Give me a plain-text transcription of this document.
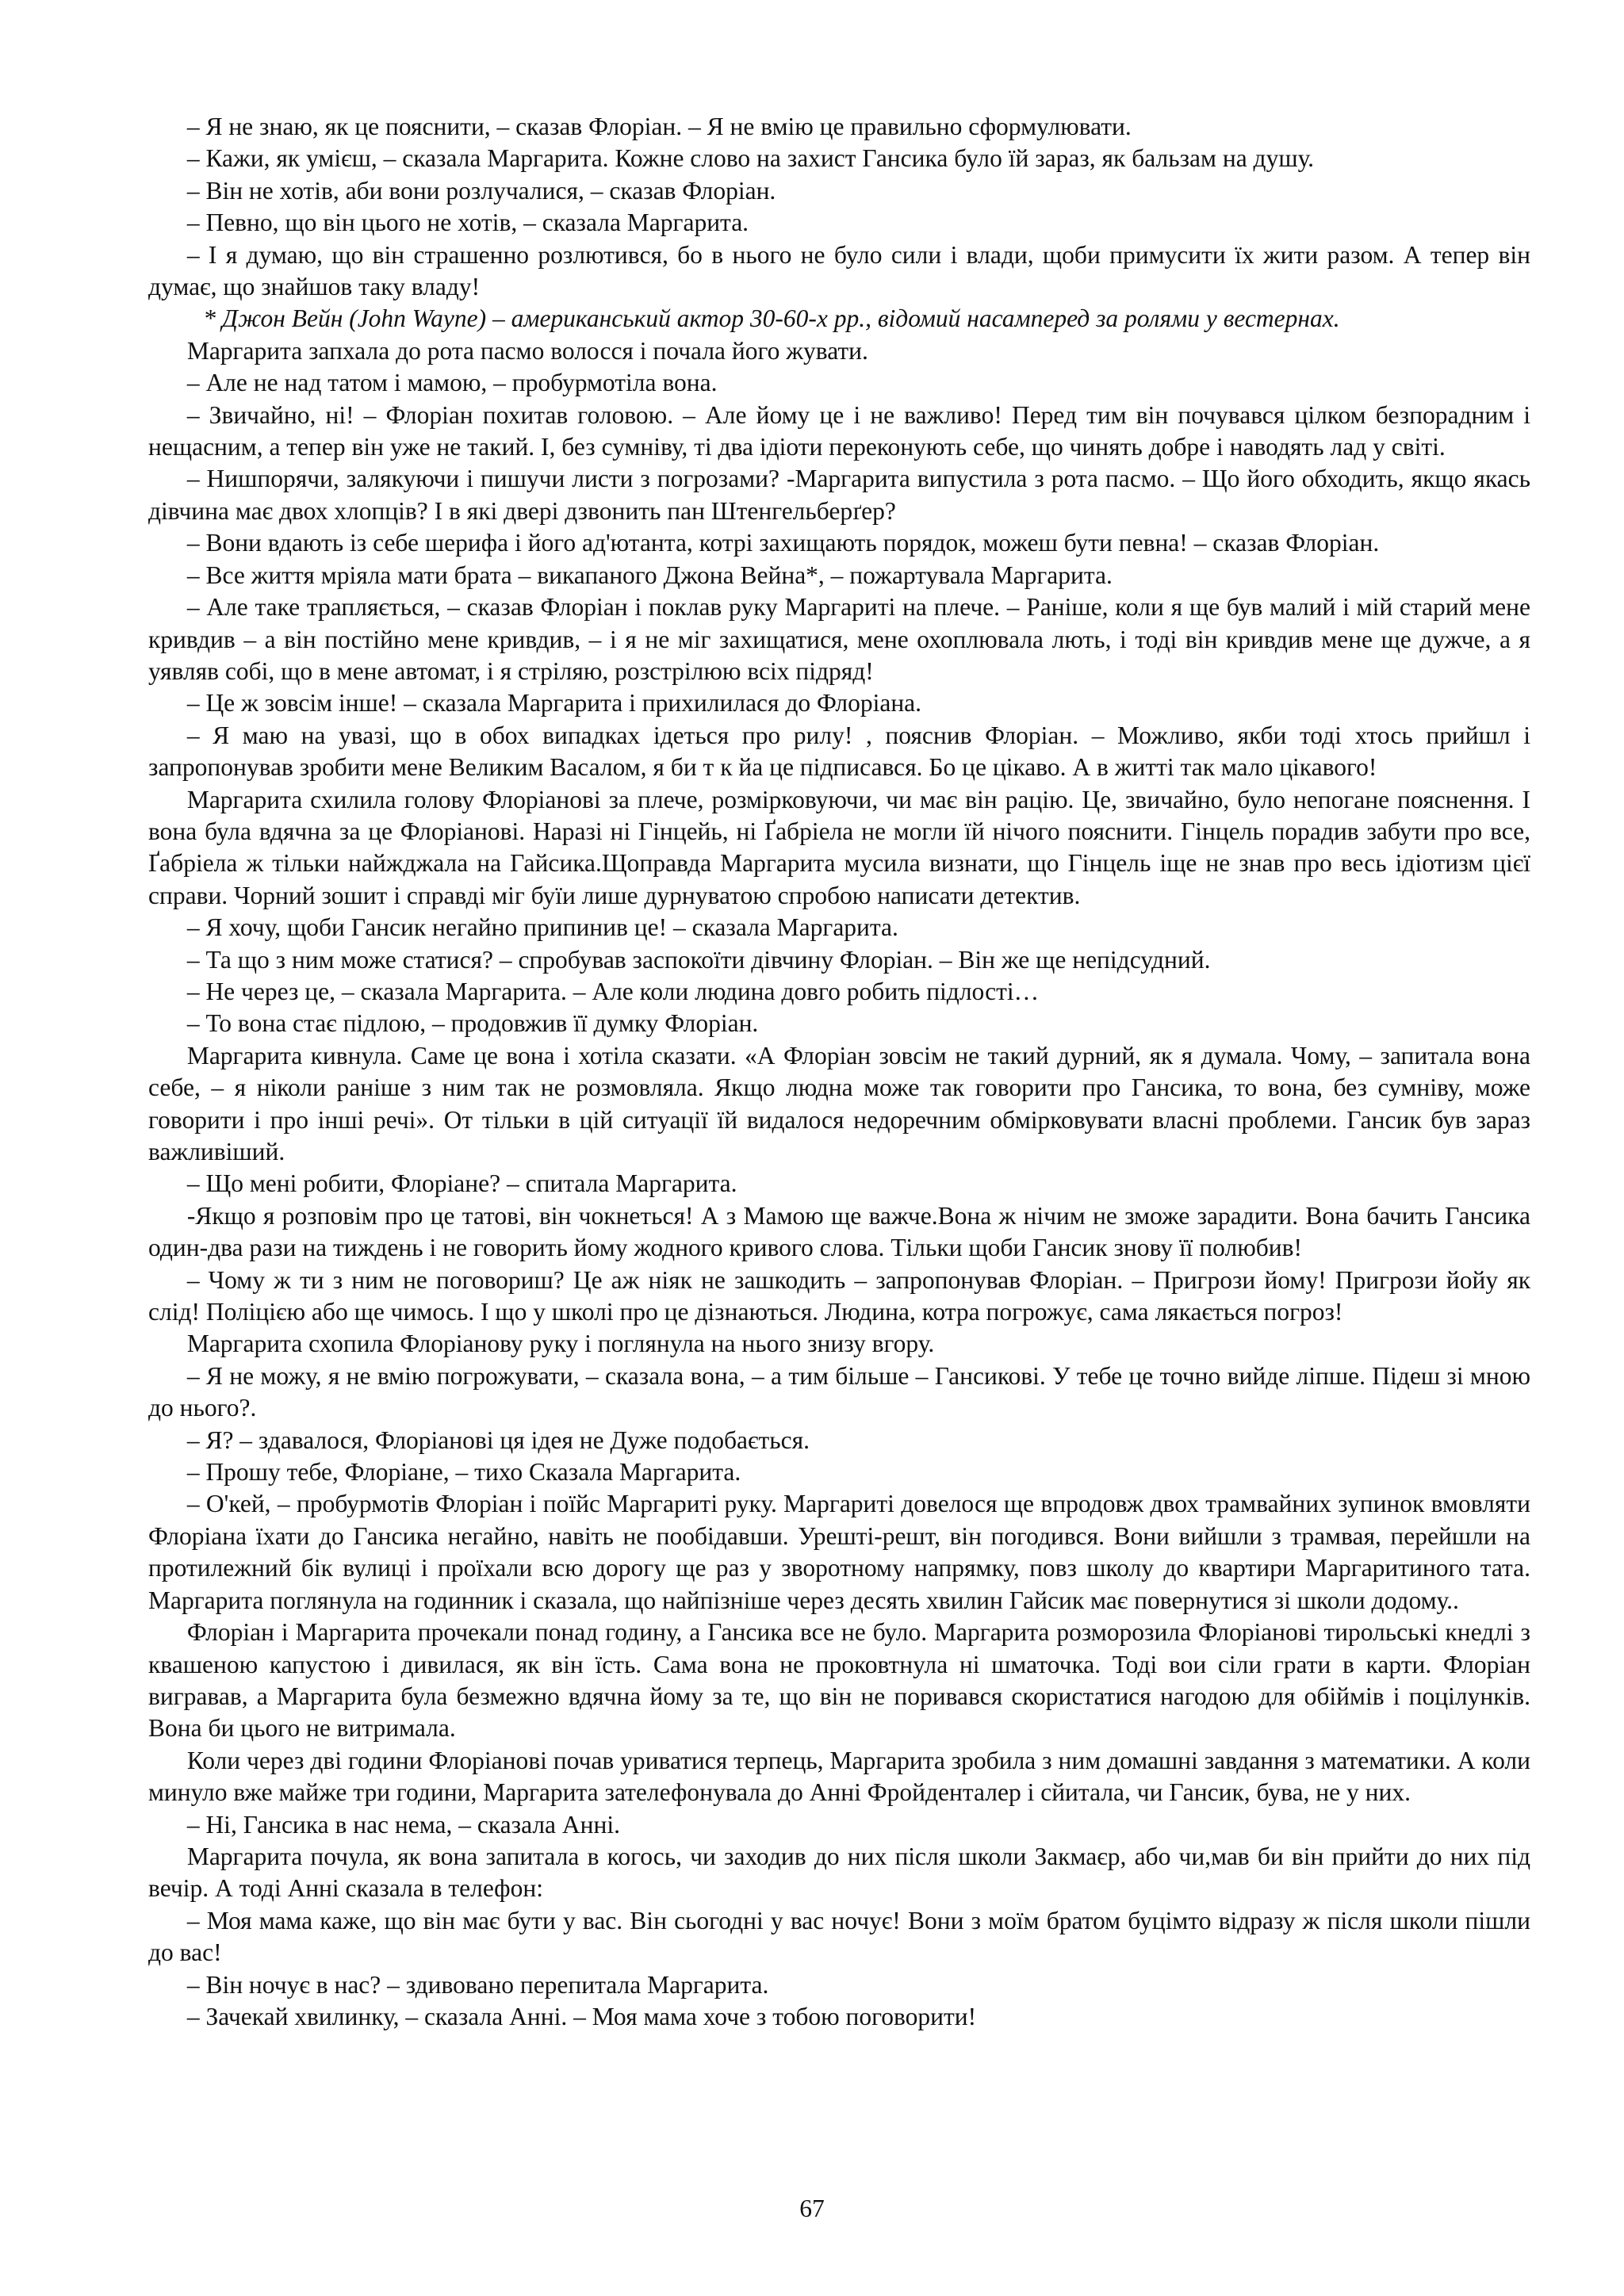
– Я не знаю, як це пояснити, – сказав Флоріан. – Я не вмію це правильно сформулювати.

– Кажи, як умієш, – сказала Маргарита. Кожне слово на захист Гансика було їй зараз, як бальзам на душу.

– Він не хотів, аби вони розлучалися, – сказав Флоріан.

– Певно, що він цього не хотів, – сказала Маргарита.

– І я думаю, що він страшенно розлютився, бо в нього не було сили і влади, щоби примусити їх жити разом. А тепер він думає, що знайшов таку владу!

* Джон Вейн (John Wayne) – американський актор 30-60-х рр., відомий насамперед за ролями у вестернах.

Маргарита запхала до рота пасмо волосся і почала його жувати.

– Але не над татом і мамою, – пробурмотіла вона.

– Звичайно, ні! – Флоріан похитав головою. – Але йому це і не важливо! Перед тим він почувався цілком безпорадним і нещасним, а тепер він уже не такий. І, без сумніву, ті два ідіоти переконують себе, що чинять добре і наводять лад у світі.

– Нишпорячи, залякуючи і пишучи листи з погрозами? -Маргарита випустила з рота пасмо. – Що його обходить, якщо якась дівчина має двох хлопців? І в які двері дзвонить пан Штенгельберґер?

– Вони вдають із себе шерифа і його ад'ютанта, котрі захищають порядок, можеш бути певна! – сказав Флоріан.

– Все життя мріяла мати брата – викапаного Джона Вейна*, – пожартувала Маргарита.

– Але таке трапляється, – сказав Флоріан і поклав руку Маргариті на плече. – Раніше, коли я ще був малий і мій старий мене кривдив – а він постійно мене кривдив, – і я не міг захищатися, мене охоплювала лють, і тоді він кривдив мене ще дужче, а я уявляв собі, що в мене автомат, і я стріляю, розстрілюю всіх підряд!

– Це ж зовсім інше! – сказала Маргарита і прихилилася до Флоріана.

– Я маю на увазі, що в обох випадках ідеться про рилу! , пояснив Флоріан. – Можливо, якби тоді хтось прийшл і запропонував зробити мене Великим Васалом, я би т к йа це підписався. Бо це цікаво. А в житті так мало цікавого!

Маргарита схилила голову Флоріанові за плече, розмірковуючи, чи має він рацію. Це, звичайно, було непогане пояснення. І вона була вдячна за це Флоріанові. Наразі ні Гінцейь, ні Ґабріела не могли їй нічого пояснити. Гінцель порадив забути про все, Ґабріела ж тільки найжджала на Гайсика.Щоправда Маргарита мусила визнати, що Гінцель іще не знав про весь ідіотизм цієї справи. Чорний зошит і справді міг буїи лише дурнуватою спробою написати детектив.

– Я хочу, щоби Гансик негайно припинив це! – сказала Маргарита.

– Та що з ним може статися? – спробував заспокоїти дівчину Флоріан. – Він же ще непідсудний.

– Не через це, – сказала Маргарита. – Але коли людина довго робить підлості…

– То вона стає підлою, – продовжив її думку Флоріан.

Маргарита кивнула. Саме це вона і хотіла сказати. «А Флоріан зовсім не такий дурний, як я думала. Чому, – запитала вона себе, – я ніколи раніше з ним так не розмовляла. Якщо людна може так говорити про Гансика, то вона, без сумніву, може говорити і про інші речі». От тільки в цій ситуації їй видалося недоречним обмірковувати власні проблеми. Гансик був зараз важливіший.

– Що мені робити, Флоріане? – спитала Маргарита.

-Якщо я розповім про це татові, він чокнеться! А з Мамою ще важче.Вона ж нічим не зможе зарадити. Вона бачить Гансика один-два рази на тиждень і не говорить йому жодного кривого слова. Тільки щоби Гансик знову її полюбив!

– Чому ж ти з ним не поговориш? Це аж ніяк не зашкодить – запропонував Флоріан. – Пригрози йому! Пригрози йойу як слід! Поліцією або ще чимось. І що у школі про це дізнаються. Людина, котра погрожує, сама лякається погроз!

Маргарита схопила Флоріанову руку і поглянула на нього знизу вгору.

– Я не можу, я не вмію погрожувати, – сказала вона, – а тим більше – Гансикові. У тебе це точно вийде ліпше. Підеш зі мною до нього?.

– Я? – здавалося, Флоріанові ця ідея не Дуже подобається.

– Прошу тебе, Флоріане, – тихо Сказала Маргарита.

– О'кей, – пробурмотів Флоріан і поїйс Маргариті руку. Маргариті довелося ще впродовж двох трамвайних зупинок вмовляти Флоріана їхати до Гансика негайно, навіть не пообідавши. Урешті-решт, він погодився. Вони вийшли з трамвая, перейшли на протилежний бік вулиці і проїхали всю дорогу ще раз у зворотному напрямку, повз школу до квартири Маргаритиного тата. Маргарита поглянула на годинник і сказала, що найпізніше через десять хвилин Гайсик має повернутися зі школи додому..

Флоріан і Маргарита прочекали понад годину, а Гансика все не було. Маргарита розморозила Флоріанові тирольські кнедлі з квашеною капустою і дивилася, як він їсть. Сама вона не проковтнула ні шматочка. Тоді вои сіли грати в карти. Флоріан вигравав, а Маргарита була безмежно вдячна йому за те, що він не поривався скористатися нагодою для обіймів і поцілунків. Вона би цього не витримала.

Коли через дві години Флоріанові почав уриватися терпець, Маргарита зробила з ним домашні завдання з математики. А коли минуло вже майже три години, Маргарита зателефонувала до Анні Фройденталер і сйитала, чи Гансик, бува, не у них.

– Ні, Гансика в нас нема, – сказала Анні.

Маргарита почула, як вона запитала в когось, чи заходив до них після школи Закмаєр, або чи,мав би він прийти до них під вечір. А тоді Анні сказала в телефон:

– Моя мама каже, що він має бути у вас. Він сьогодні у вас ночує! Вони з моїм братом буцімто відразу ж після школи пішли до вас!

– Він ночує в нас? – здивовано перепитала Маргарита.

– Зачекай хвилинку, – сказала Анні. – Моя мама хоче з тобою поговорити!

67
